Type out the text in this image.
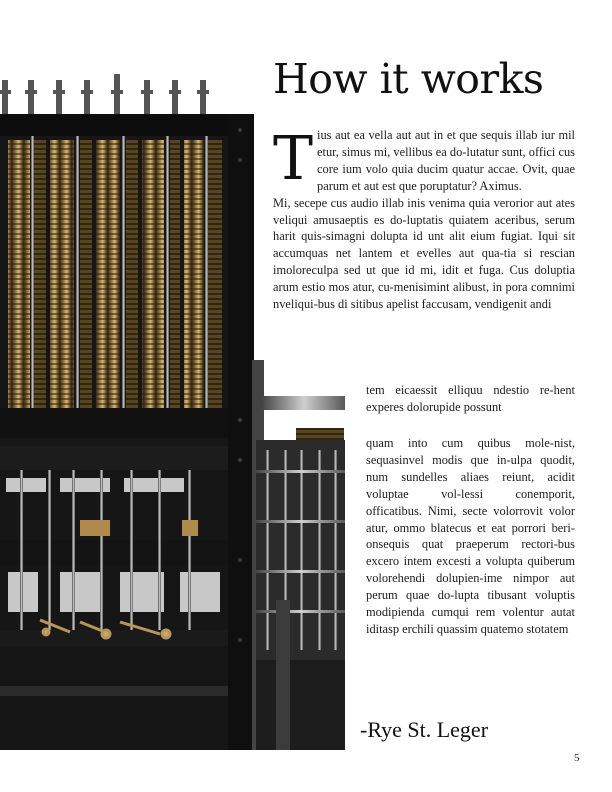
How it works

Tius aut ea vella aut aut in et que sequis illab iur mil etur, simus mi, vellibus ea do-lutatur sunt, offici cus core ium volo quia ducim quatur accae. Ovit, quae parum et aut est que poruptatur? Aximus.
Mi, secepe cus audio illab inis venima quia verorior aut ates veliqui amusaeptis es do-luptatis quiatem aceribus, serum harit quis-simagni dolupta id unt alit eium fugiat. Iqui sit accumquas net lantem et evelles aut qua-tia si rescian imoloreculpa sed ut que id mi, idit et fuga. Cus doluptia arum estio mos atur, cu-menisimint alibust, in pora comnimi nveliqui-bus di sitibus apelist faccusam, vendigenit andi

tem eicaessit elliquu ndestio re-hent experes dolorupide possunt

quam into cum quibus mole-nist, sequasinvel modis que in-ulpa quodit, num sundelles aliaes reiunt, acidit voluptae vol-lessi conemporit, officatibus. Nimi, secte volorrovit volor atur, ommo blatecus et eat porrori beri-onsequis quat praeperum rectori-bus excero intem excesti a volupta quiberum volorehendi dolupien-ime nimpor aut perum quae do-lupta tibusant voluptis modipienda cumqui rem volentur autat iditasp erchili quassim quatemo stotatem

-Rye St. Leger
5
